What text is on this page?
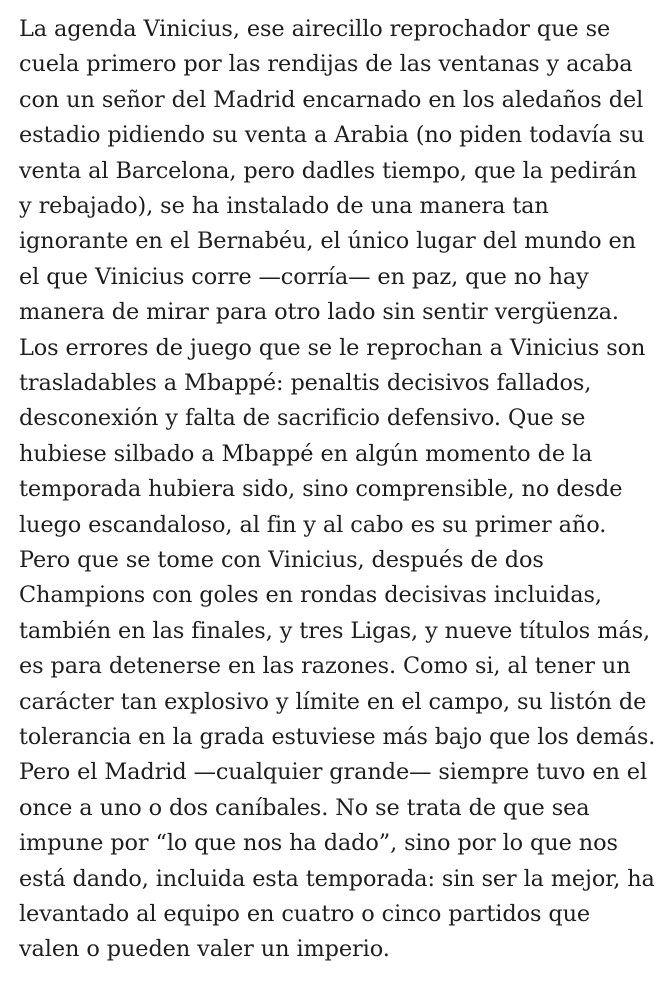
La agenda Vinicius, ese airecillo reprochador que se
cuela primero por las rendijas de las ventanas y acaba
con un señor del Madrid encarnado en los aledaños del
estadio pidiendo su venta a Arabia (no piden todavía su
venta al Barcelona, pero dadles tiempo, que la pedirán
y rebajado), se ha instalado de una manera tan
ignorante en el Bernabéu, el único lugar del mundo en
el que Vinicius corre —corría— en paz, que no hay
manera de mirar para otro lado sin sentir vergüenza.
Los errores de juego que se le reprochan a Vinicius son
trasladables a Mbappé: penaltis decisivos fallados,
desconexión y falta de sacrificio defensivo. Que se
hubiese silbado a Mbappé en algún momento de la
temporada hubiera sido, sino comprensible, no desde
luego escandaloso, al fin y al cabo es su primer año.
Pero que se tome con Vinicius, después de dos
Champions con goles en rondas decisivas incluidas,
también en las finales, y tres Ligas, y nueve títulos más,
es para detenerse en las razones. Como si, al tener un
carácter tan explosivo y límite en el campo, su listón de
tolerancia en la grada estuviese más bajo que los demás.
Pero el Madrid —cualquier grande— siempre tuvo en el
once a uno o dos caníbales. No se trata de que sea
impune por “lo que nos ha dado”, sino por lo que nos
está dando, incluida esta temporada: sin ser la mejor, ha
levantado al equipo en cuatro o cinco partidos que
valen o pueden valer un imperio.
